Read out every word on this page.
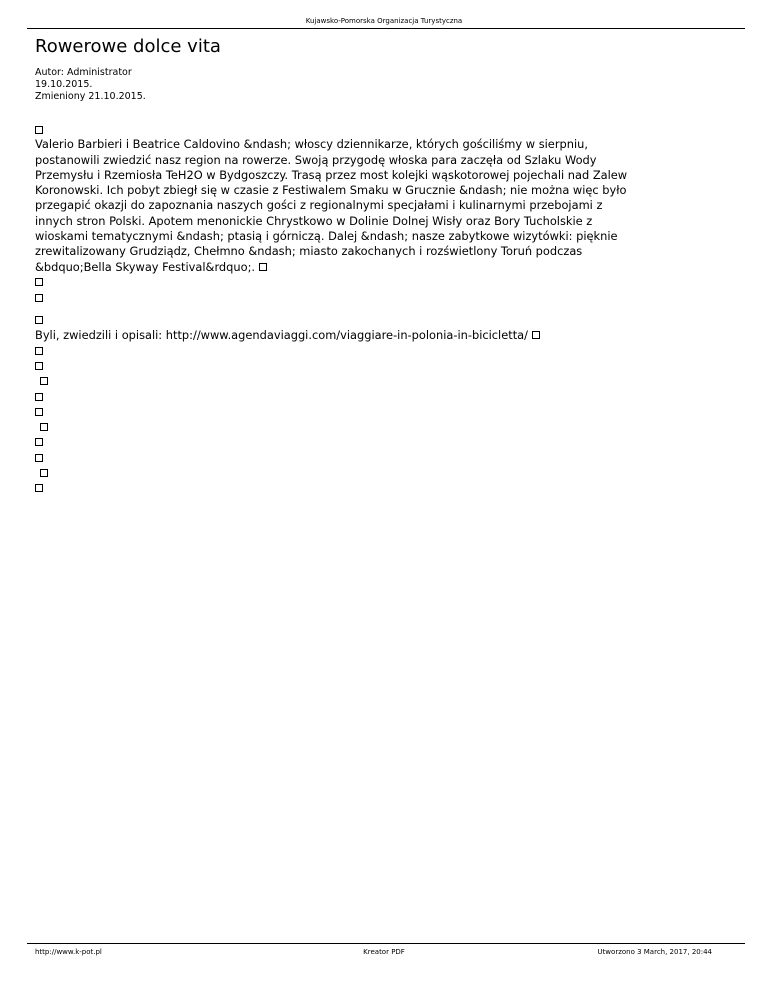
Kujawsko-Pomorska Organizacja Turystyczna
Rowerowe dolce vita
Autor: Administrator
19.10.2015.
Zmieniony 21.10.2015.
Valerio Barbieri i Beatrice Caldovino &ndash; włoscy dziennikarze, których gościliśmy w sierpniu,
postanowili zwiedzić nasz region na rowerze. Swoją przygodę włoska para zaczęła od Szlaku Wody
Przemysłu i Rzemiosła TeH2O w Bydgoszczy. Trasą przez most kolejki wąskotorowej pojechali nad Zalew
Koronowski. Ich pobyt zbiegł się w czasie z Festiwalem Smaku w Grucznie &ndash; nie można więc było
przegapić okazji do zapoznania naszych gości z regionalnymi specjałami i kulinarnymi przebojami z
innych stron Polski. Apotem menonickie Chrystkowo w Dolinie Dolnej Wisły oraz Bory Tucholskie z
wioskami tematycznymi &ndash; ptasią i górniczą. Dalej &ndash; nasze zabytkowe wizytówki: pięknie
zrewitalizowany Grudziądz, Chełmno &ndash; miasto zakochanych i rozświetlony Toruń podczas
&bdquo;Bella Skyway Festival&rdquo;.
Byli, zwiedzili i opisali: http://www.agendaviaggi.com/viaggiare-in-polonia-in-bicicletta/
http://www.k-pot.pl	Kreator PDF	Utworzono 3 March, 2017, 20:44
